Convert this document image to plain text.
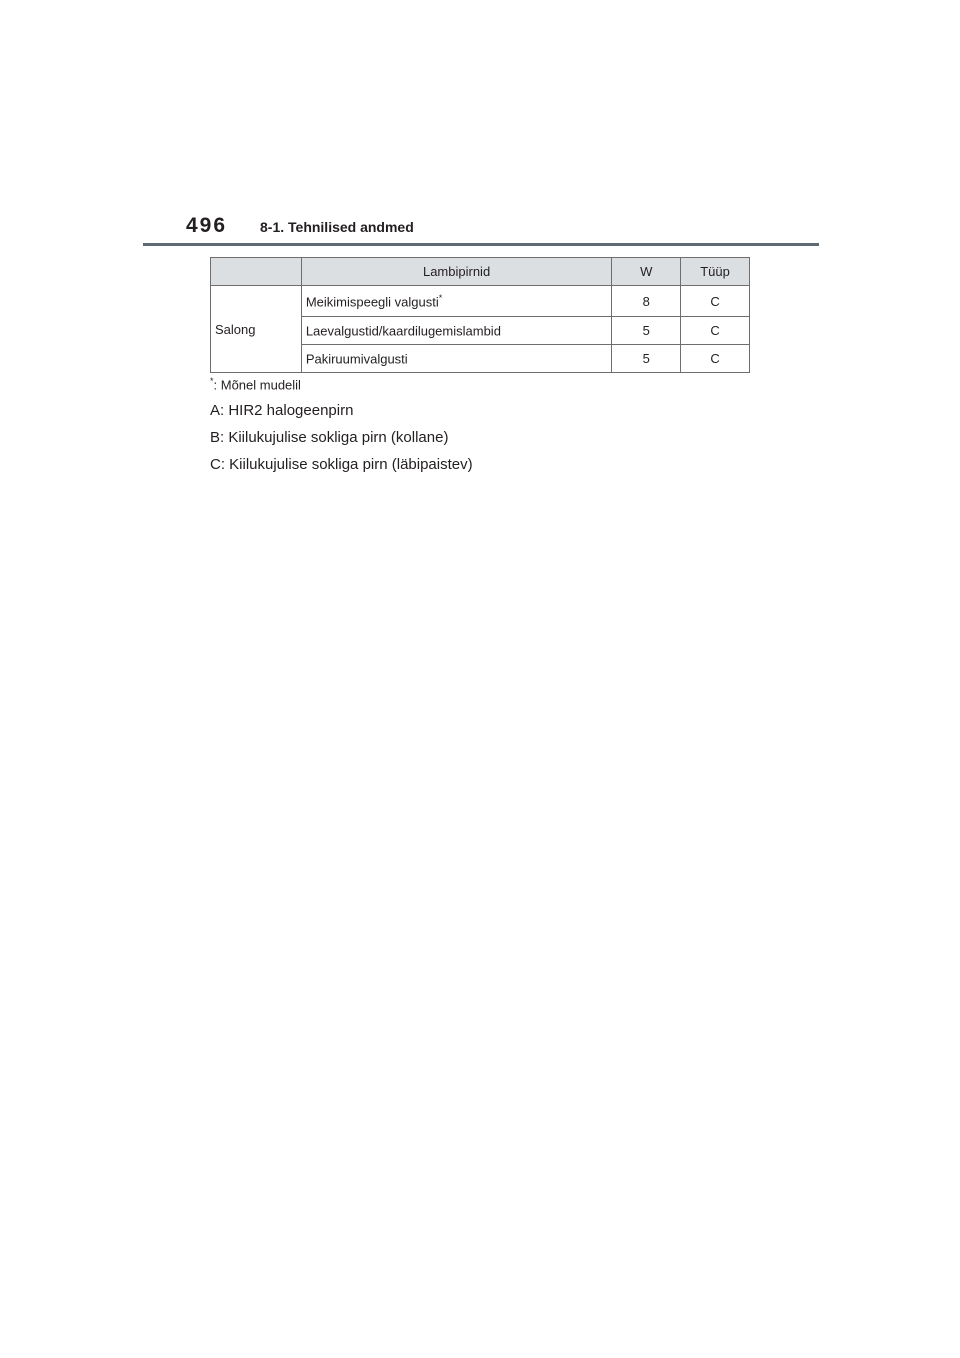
496 8-1. Tehnilised andmed
	Lambipirnid	W	Tüüp
Salong	Meikimispeegli valgusti*	8	C
	Laevalgustid/kaardilugemislambid	5	C
	Pakiruumivalgusti	5	C
*: Mõnel mudelil
A: HIR2 halogeenpirn
B: Kiilukujulise sokliga pirn (kollane)
C: Kiilukujulise sokliga pirn (läbipaistev)
